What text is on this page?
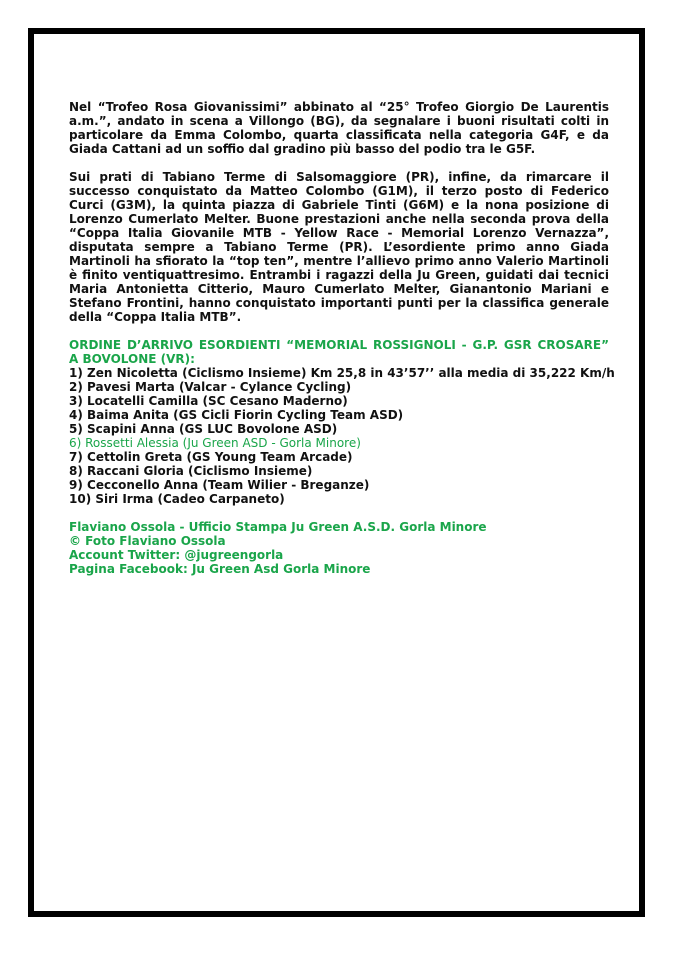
Nel “Trofeo Rosa Giovanissimi” abbinato al “25° Trofeo Giorgio De Laurentis a.m.”, andato in scena a Villongo (BG), da segnalare i buoni risultati colti in particolare da Emma Colombo, quarta classificata nella categoria G4F, e da Giada Cattani ad un soffio dal gradino più basso del podio tra le G5F.

Sui prati di Tabiano Terme di Salsomaggiore (PR), infine, da rimarcare il successo conquistato da Matteo Colombo (G1M), il terzo posto di Federico Curci (G3M), la quinta piazza di Gabriele Tinti (G6M) e la nona posizione di Lorenzo Cumerlato Melter. Buone prestazioni anche nella seconda prova della “Coppa Italia Giovanile MTB - Yellow Race - Memorial Lorenzo Vernazza”, disputata sempre a Tabiano Terme (PR). L’esordiente primo anno Giada Martinoli ha sfiorato la “top ten”, mentre l’allievo primo anno Valerio Martinoli è finito ventiquattresimo. Entrambi i ragazzi della Ju Green, guidati dai tecnici Maria Antonietta Citterio, Mauro Cumerlato Melter, Gianantonio Mariani e Stefano Frontini, hanno conquistato importanti punti per la classifica generale della “Coppa Italia MTB”.

ORDINE D’ARRIVO ESORDIENTI “MEMORIAL ROSSIGNOLI - G.P. GSR CROSARE” A BOVOLONE (VR):

1) Zen Nicoletta (Ciclismo Insieme) Km 25,8 in 43’57’’ alla media di 35,222 Km/h
2) Pavesi Marta (Valcar - Cylance Cycling)
3) Locatelli Camilla (SC Cesano Maderno)
4) Baima Anita (GS Cicli Fiorin Cycling Team ASD)
5) Scapini Anna (GS LUC Bovolone ASD)
6) Rossetti Alessia (Ju Green ASD - Gorla Minore)
7) Cettolin Greta (GS Young Team Arcade)
8) Raccani Gloria (Ciclismo Insieme)
9) Cecconello Anna (Team Wilier - Breganze)
10) Siri Irma (Cadeo Carpaneto)
Flaviano Ossola - Ufficio Stampa Ju Green A.S.D. Gorla Minore
© Foto Flaviano Ossola
Account Twitter: @jugreengorla
Pagina Facebook: Ju Green Asd Gorla Minore
